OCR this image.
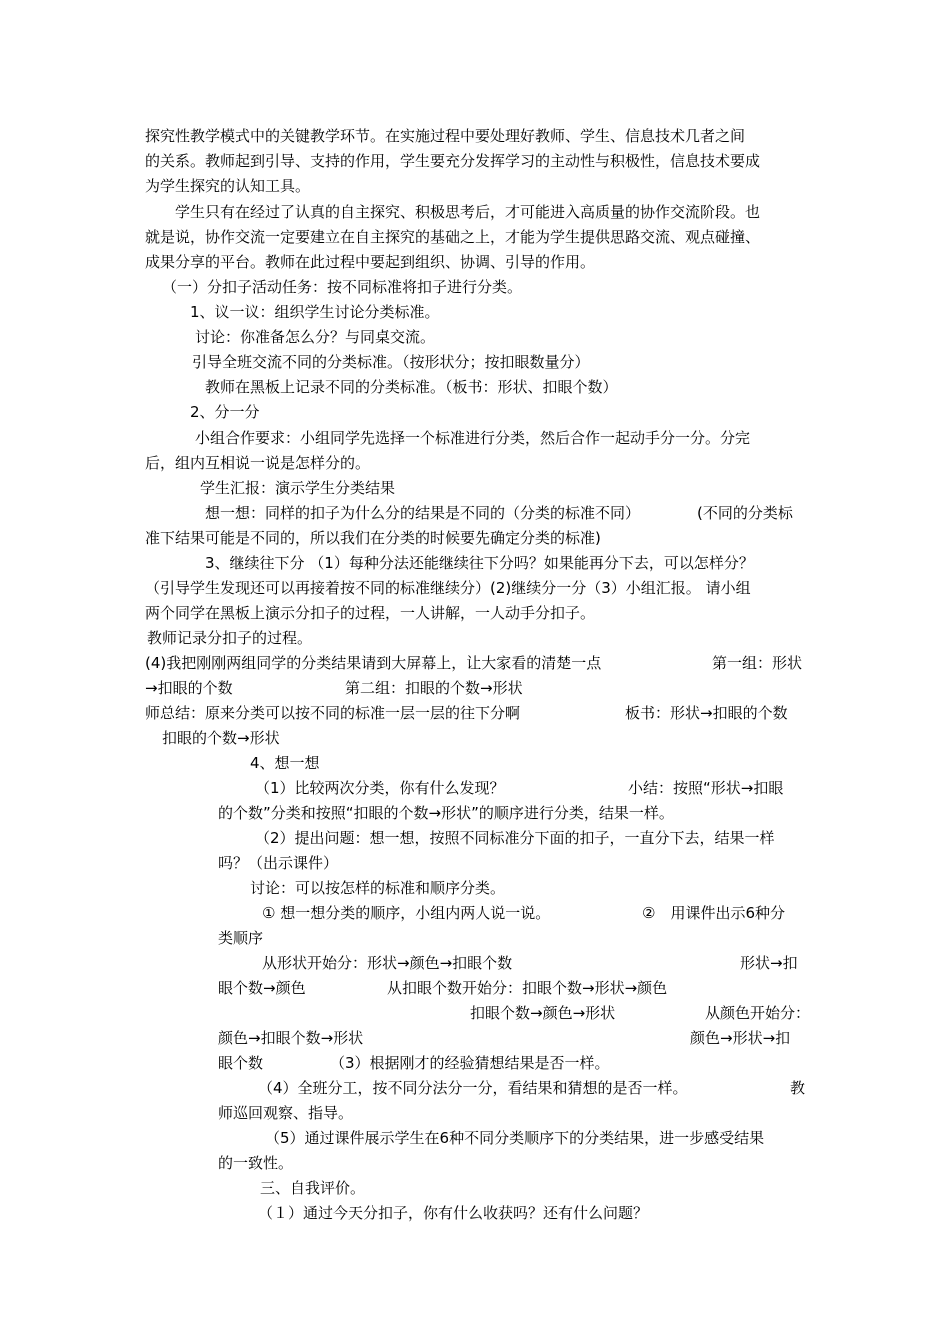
探究性教学模式中的关键教学环节。在实施过程中要处理好教师、学生、信息技术几者之间
的关系。教师起到引导、支持的作用，学生要充分发挥学习的主动性与积极性，信息技术要成
为学生探究的认知工具。
学生只有在经过了认真的自主探究、积极思考后，才可能进入高质量的协作交流阶段。也
就是说，协作交流一定要建立在自主探究的基础之上，才能为学生提供思路交流、观点碰撞、
成果分享的平台。教师在此过程中要起到组织、协调、引导的作用。
（一）分扣子活动任务：按不同标准将扣子进行分类。
1、议一议：组织学生讨论分类标准。
讨论：你准备怎么分？与同桌交流。
引导全班交流不同的分类标准。（按形状分；按扣眼数量分）
教师在黑板上记录不同的分类标准。（板书：形状、扣眼个数）
2、分一分
小组合作要求：小组同学先选择一个标准进行分类，然后合作一起动手分一分。分完
后，组内互相说一说是怎样分的。
学生汇报：演示学生分类结果
想一想：同样的扣子为什么分的结果是不同的（分类的标准不同）	(不同的分类标
准下结果可能是不同的，所以我们在分类的时候要先确定分类的标准)
3、继续往下分 （1）每种分法还能继续往下分吗？如果能再分下去，可以怎样分？
（引导学生发现还可以再接着按不同的标准继续分）(2)继续分一分（3）小组汇报。 请小组
两个同学在黑板上演示分扣子的过程，一人讲解，一人动手分扣子。
教师记录分扣子的过程。
(4)我把刚刚两组同学的分类结果请到大屏幕上，让大家看的清楚一点	第一组：形状
→扣眼的个数	第二组：扣眼的个数→形状
师总结：原来分类可以按不同的标准一层一层的往下分啊	板书：形状→扣眼的个数
扣眼的个数→形状
4、想一想
（1）比较两次分类，你有什么发现？	小结：按照“形状→扣眼
的个数”分类和按照“扣眼的个数→形状”的顺序进行分类，结果一样。
（2）提出问题：想一想，按照不同标准分下面的扣子，一直分下去，结果一样
吗？（出示课件）
讨论：可以按怎样的标准和顺序分类。
① 想一想分类的顺序，小组内两人说一说。	②　用课件出示6种分
类顺序
从形状开始分：形状→颜色→扣眼个数	形状→扣
眼个数→颜色	从扣眼个数开始分：扣眼个数→形状→颜色
扣眼个数→颜色→形状	从颜色开始分：
颜色→扣眼个数→形状	颜色→形状→扣
眼个数	（3）根据刚才的经验猜想结果是否一样。
（4）全班分工，按不同分法分一分，看结果和猜想的是否一样。	教
师巡回观察、指导。
（5）通过课件展示学生在6种不同分类顺序下的分类结果，进一步感受结果
的一致性。
三、自我评价。
（１）通过今天分扣子，你有什么收获吗？还有什么问题？
